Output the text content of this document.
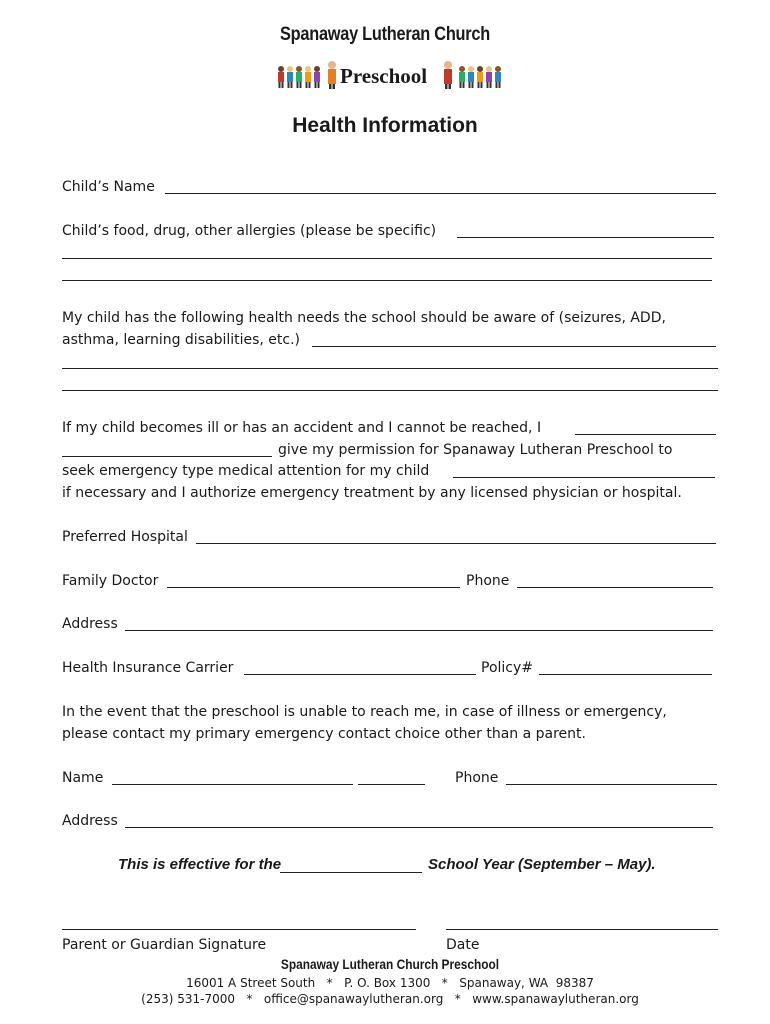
Spanaway Lutheran Church
Preschool
Health Information
Child’s Name
Child’s food, drug, other allergies (please be specific)
My child has the following health needs the school should be aware of (seizures, ADD,
asthma, learning disabilities, etc.)
If my child becomes ill or has an accident and I cannot be reached, I
give my permission for Spanaway Lutheran Preschool to
seek emergency type medical attention for my child
if necessary and I authorize emergency treatment by any licensed physician or hospital.
Preferred Hospital
Family Doctor	Phone
Address
Health Insurance Carrier	Policy#
In the event that the preschool is unable to reach me, in case of illness or emergency,
please contact my primary emergency contact choice other than a parent.
Name	Phone
Address
This is effective for the	School Year (September – May).
Parent or Guardian Signature	Date
Spanaway Lutheran Church Preschool
16001 A Street South   *   P. O. Box 1300   *   Spanaway, WA  98387
(253) 531-7000   *   office@spanawaylutheran.org   *   www.spanawaylutheran.org
